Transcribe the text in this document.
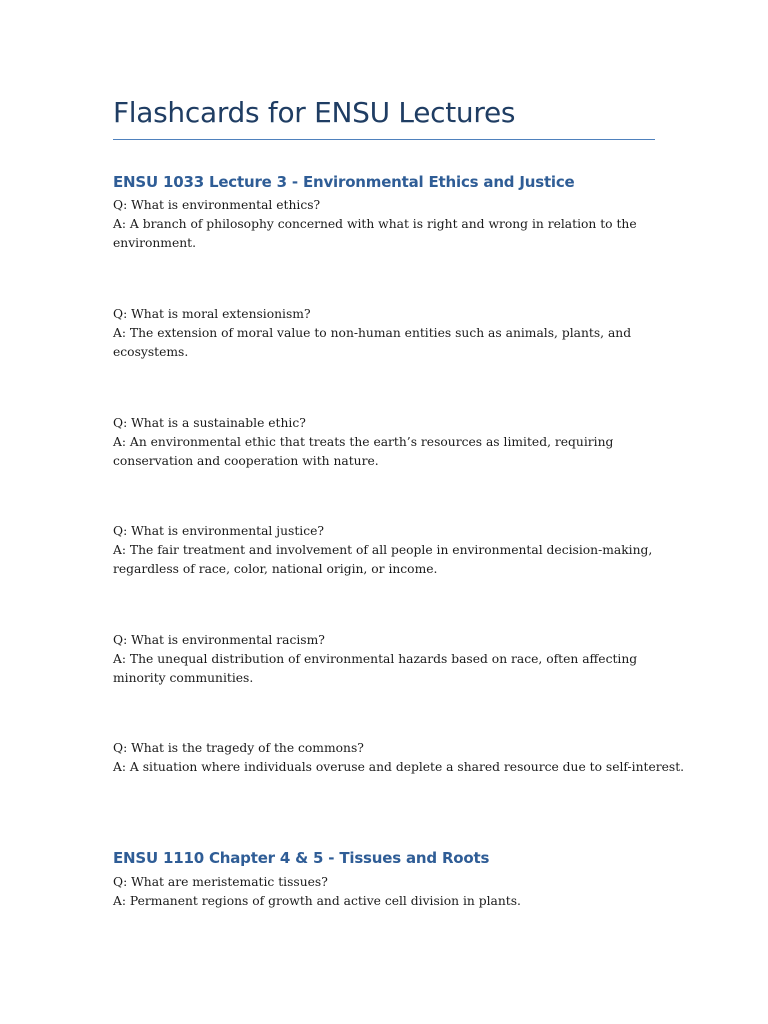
Flashcards for ENSU Lectures
ENSU 1033 Lecture 3 - Environmental Ethics and Justice

Q: What is environmental ethics?

A: A branch of philosophy concerned with what is right and wrong in relation to the environment.

Q: What is moral extensionism?

A: The extension of moral value to non-human entities such as animals, plants, and ecosystems.

Q: What is a sustainable ethic?

A: An environmental ethic that treats the earth’s resources as limited, requiring conservation and cooperation with nature.

Q: What is environmental justice?

A: The fair treatment and involvement of all people in environmental decision-making, regardless of race, color, national origin, or income.

Q: What is environmental racism?

A: The unequal distribution of environmental hazards based on race, often affecting minority communities.

Q: What is the tragedy of the commons?

A: A situation where individuals overuse and deplete a shared resource due to self-interest.

ENSU 1110 Chapter 4 & 5 - Tissues and Roots

Q: What are meristematic tissues?

A: Permanent regions of growth and active cell division in plants.
